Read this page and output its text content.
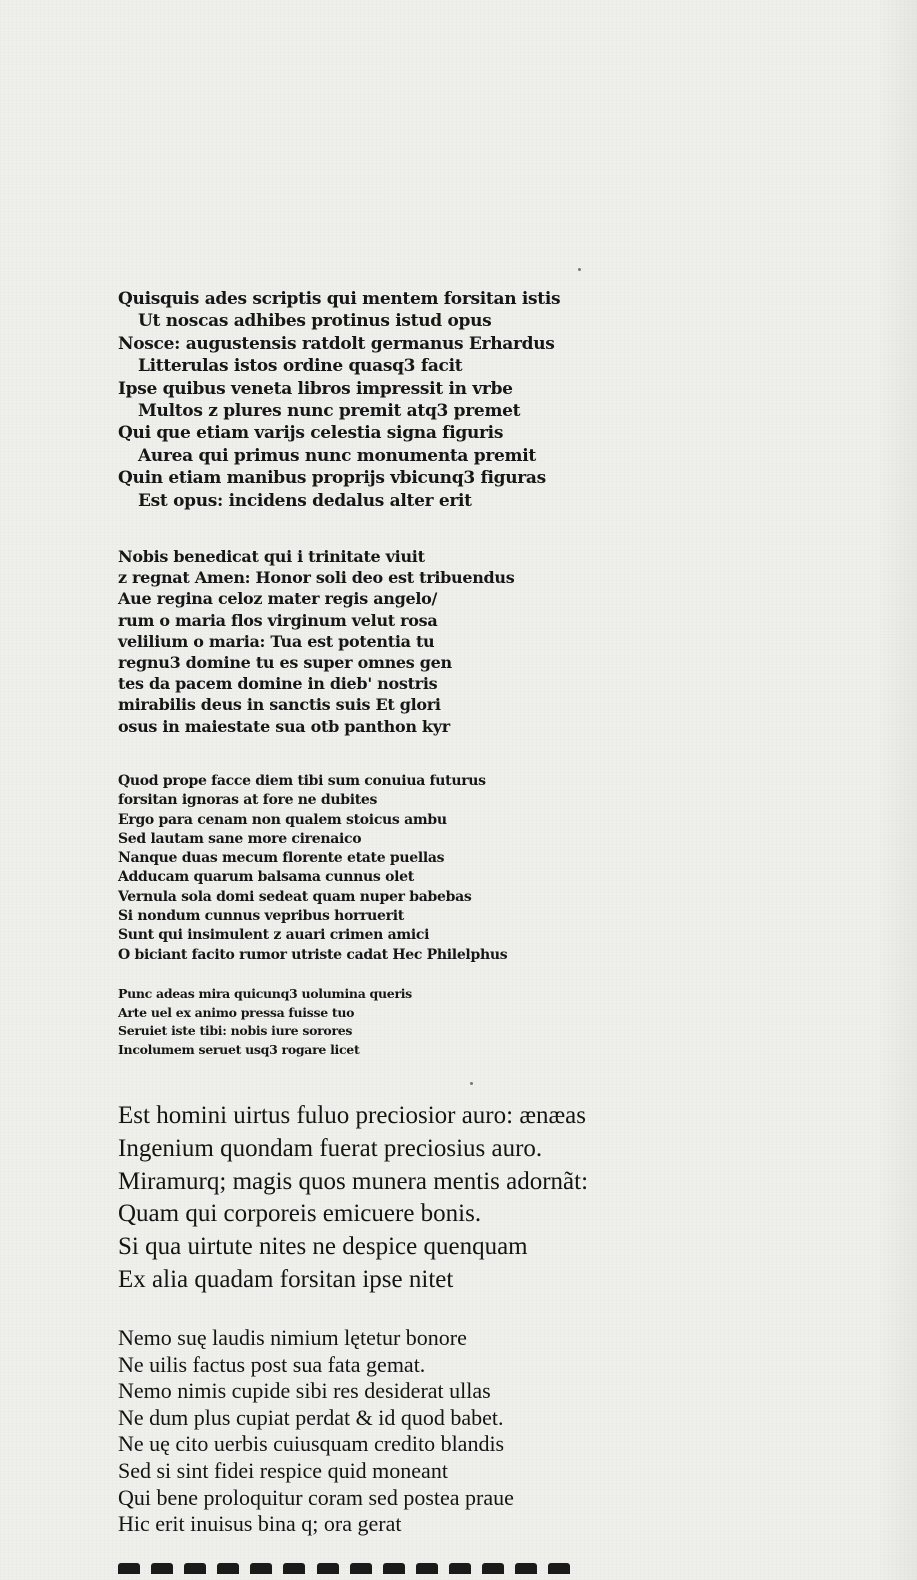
Quisquis ades scriptis qui mentem forsitan istis
Ut noscas adhibes protinus istud opus
Nosce: augustensis ratdolt germanus Erhardus
Litterulas istos ordine quasq3 facit
Ipse quibus veneta libros impressit in vrbe
Multos z plures nunc premit atq3 premet
Qui que etiam varijs celestia signa figuris
Aurea qui primus nunc monumenta premit
Quin etiam manibus proprijs vbicunq3 figuras
Est opus: incidens dedalus alter erit
Nobis benedicat qui i trinitate viuit
z regnat Amen: Honor soli deo est tribuendus
Aue regina celoz mater regis angelo/
rum o maria flos virginum velut rosa
velilium o maria: Tua est potentia tu
regnu3 domine tu es super omnes gen
tes da pacem domine in dieb' nostris
mirabilis deus in sanctis suis Et glori
osus in maiestate sua otb panthon kyr
Quod prope facce diem tibi sum conuiua futurus
forsitan ignoras at fore ne dubites
Ergo para cenam non qualem stoicus ambu
Sed lautam sane more cirenaico
Nanque duas mecum florente etate puellas
Adducam quarum balsama cunnus olet
Vernula sola domi sedeat quam nuper babebas
Si nondum cunnus vepribus horruerit
Sunt qui insimulent z auari crimen amici
O biciant facito rumor utriste cadat Hec Philelphus
Punc adeas mira quicunq3 uolumina queris
Arte uel ex animo pressa fuisse tuo
Seruiet iste tibi: nobis iure sorores
Incolumem seruet usq3 rogare licet
Est homini uirtus fuluo preciosior auro: ænæas
Ingenium quondam fuerat preciosius auro.
Miramurq; magis quos munera mentis adornãt:
Quam qui corporeis emicuere bonis.
Si qua uirtute nites ne despice quenquam
Ex alia quadam forsitan ipse nitet
Nemo suę laudis nimium lętetur bonore
Ne uilis factus post sua fata gemat.
Nemo nimis cupide sibi res desiderat ullas
Ne dum plus cupiat perdat & id quod babet.
Ne uę cito uerbis cuiusquam credito blandis
Sed si sint fidei respice quid moneant
Qui bene proloquitur coram sed postea praue
Hic erit inuisus bina q; ora gerat
